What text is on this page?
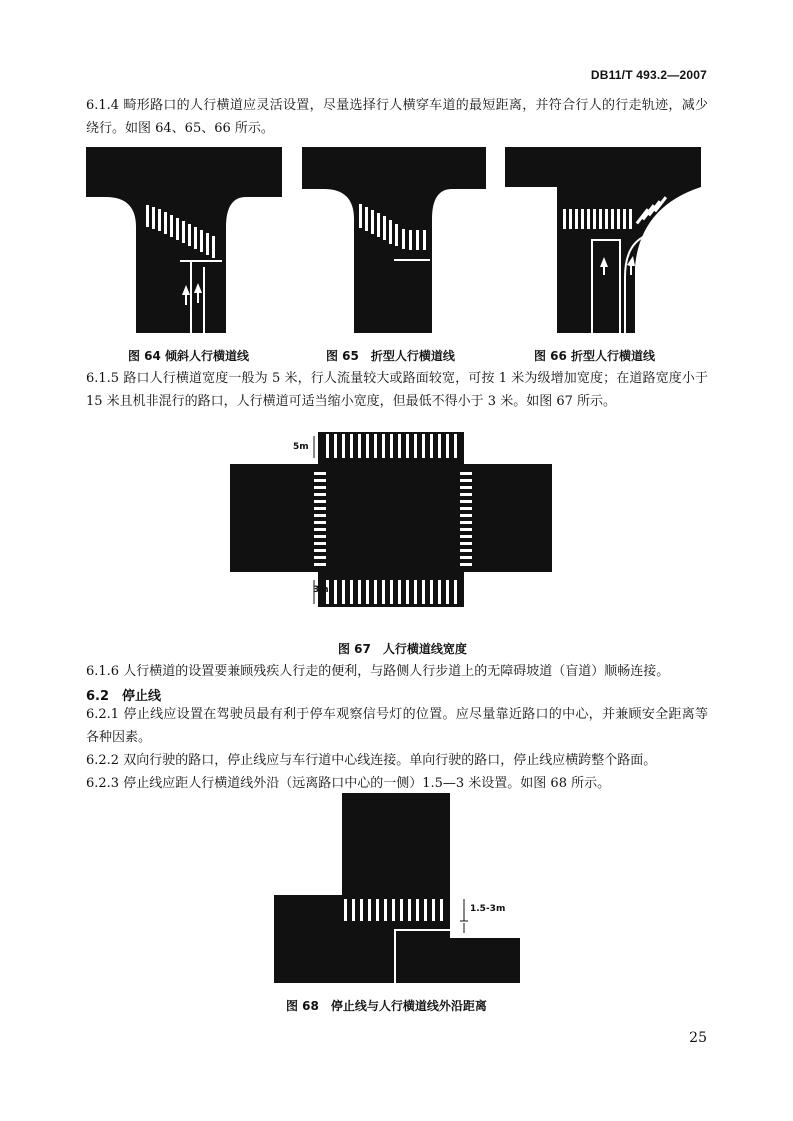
DB11/T 493.2—2007
6.1.4 畸形路口的人行横道应灵活设置，尽量选择行人横穿车道的最短距离，并符合行人的行走轨迹，减少绕行。如图 64、65、66 所示。
图 64 倾斜人行横道线	图 65　折型人行横道线	图 66 折型人行横道线
6.1.5 路口人行横道宽度一般为 5 米，行人流量较大或路面较宽，可按 1 米为级增加宽度；在道路宽度小于 15 米且机非混行的路口，人行横道可适当缩小宽度，但最低不得小于 3 米。如图 67 所示。
5m
3m
图 67　人行横道线宽度
6.1.6 人行横道的设置要兼顾残疾人行走的便利，与路侧人行步道上的无障碍坡道（盲道）顺畅连接。
6.2　停止线
6.2.1 停止线应设置在驾驶员最有利于停车观察信号灯的位置。应尽量靠近路口的中心，并兼顾安全距离等各种因素。
6.2.2 双向行驶的路口，停止线应与车行道中心线连接。单向行驶的路口，停止线应横跨整个路面。
6.2.3 停止线应距人行横道线外沿（远离路口中心的一侧）1.5—3 米设置。如图 68 所示。
1.5-3m
图 68　停止线与人行横道线外沿距离
25
